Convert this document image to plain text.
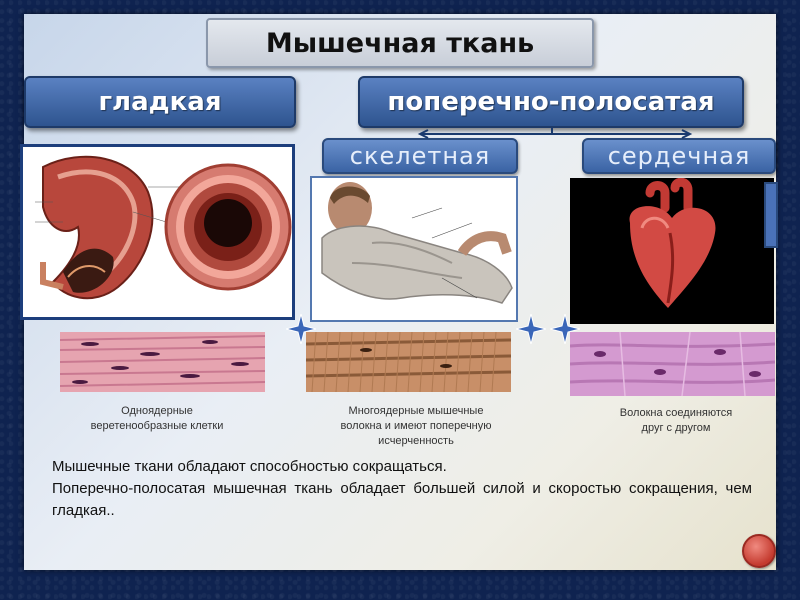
Мышечная ткань
гладкая	поперечно-полосатая
скелетная	сердечная
Одноядерные
веретенообразные клетки
Многоядерные мышечные
волокна и имеют поперечную
исчерченность
Волокна соединяются
друг с другом

Мышечные ткани обладают способностью сокращаться.

Поперечно-полосатая мышечная ткань обладает большей силой и скоростью сокращения, чем гладкая..
